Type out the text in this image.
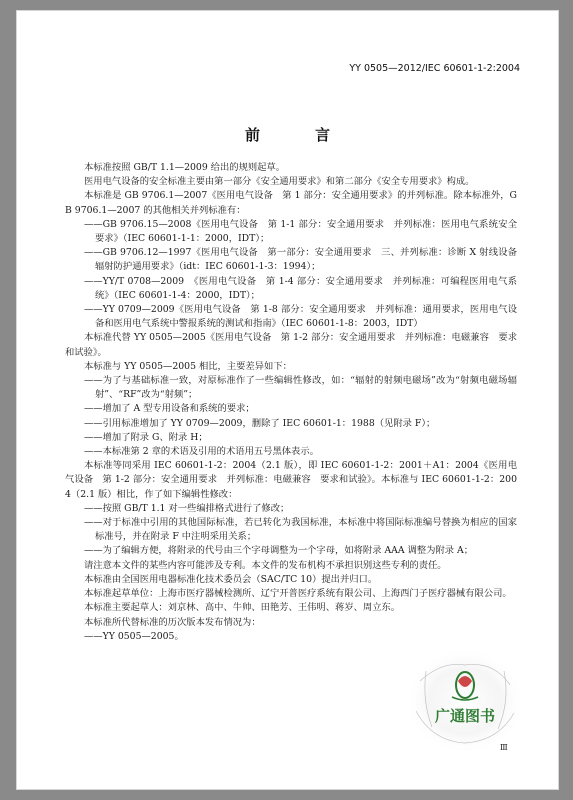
YY 0505—2012/IEC 60601-1-2:2004
前　言

本标准按照 GB/T 1.1—2009 给出的规则起草。

医用电气设备的安全标准主要由第一部分《安全通用要求》和第二部分《安全专用要求》构成。

本标准是 GB 9706.1—2007《医用电气设备　第 1 部分：安全通用要求》的并列标准。除本标准外，GB 9706.1—2007 的其他相关并列标准有：

——GB 9706.15—2008《医用电气设备　第 1-1 部分：安全通用要求　并列标准：医用电气系统安全要求》（IEC 60601-1-1：2000，IDT）；

——GB 9706.12—1997《医用电气设备　第一部分：安全通用要求　三、并列标准：诊断 X 射线设备辐射防护通用要求》（idt：IEC 60601-1-3：1994）；

——YY/T 0708—2009　《医用电气设备　第 1-4 部分：安全通用要求　并列标准：可编程医用电气系统》（IEC 60601-1-4：2000，IDT）；

——YY 0709—2009《医用电气设备　第 1-8 部分：安全通用要求　并列标准：通用要求，医用电气设备和医用电气系统中警报系统的测试和指南》（IEC 60601-1-8：2003，IDT）

本标准代替 YY 0505—2005《医用电气设备　第 1-2 部分：安全通用要求　并列标准：电磁兼容　要求和试验》。

本标准与 YY 0505—2005 相比，主要差异如下：

——为了与基础标准一致，对原标准作了一些编辑性修改，如：“辐射的射频电磁场”改为“射频电磁场辐射”、“RF”改为“射频”；

——增加了 A 型专用设备和系统的要求；

——引用标准增加了 YY 0709—2009，删除了 IEC 60601-1：1988（见附录 F）；

——增加了附录 G、附录 H；

——本标准第 2 章的术语及引用的术语用五号黑体表示。

本标准等同采用 IEC 60601-1-2：2004（2.1 版），即 IEC 60601-1-2：2001＋A1：2004《医用电气设备　第 1-2 部分：安全通用要求　并列标准：电磁兼容　要求和试验》。本标准与 IEC 60601-1-2：2004（2.1 版）相比，作了如下编辑性修改：

——按照 GB/T 1.1 对一些编排格式进行了修改；

——对于标准中引用的其他国际标准，若已转化为我国标准，本标准中将国际标准编号替换为相应的国家标准号，并在附录 F 中注明采用关系；

——为了编辑方便，将附录的代号由三个字母调整为一个字母，如将附录 AAA 调整为附录 A；

请注意本文件的某些内容可能涉及专利。本文件的发布机构不承担识别这些专利的责任。

本标准由全国医用电器标准化技术委员会（SAC/TC 10）提出并归口。

本标准起草单位：上海市医疗器械检测所、辽宁开普医疗系统有限公司、上海西门子医疗器械有限公司。

本标准主要起草人：刘京林、高中、牛帅、田艳芳、王伟明、蒋岁、周立东。

本标准所代替标准的历次版本发布情况为：

——YY 0505—2005。

广通图书
Ⅲ
